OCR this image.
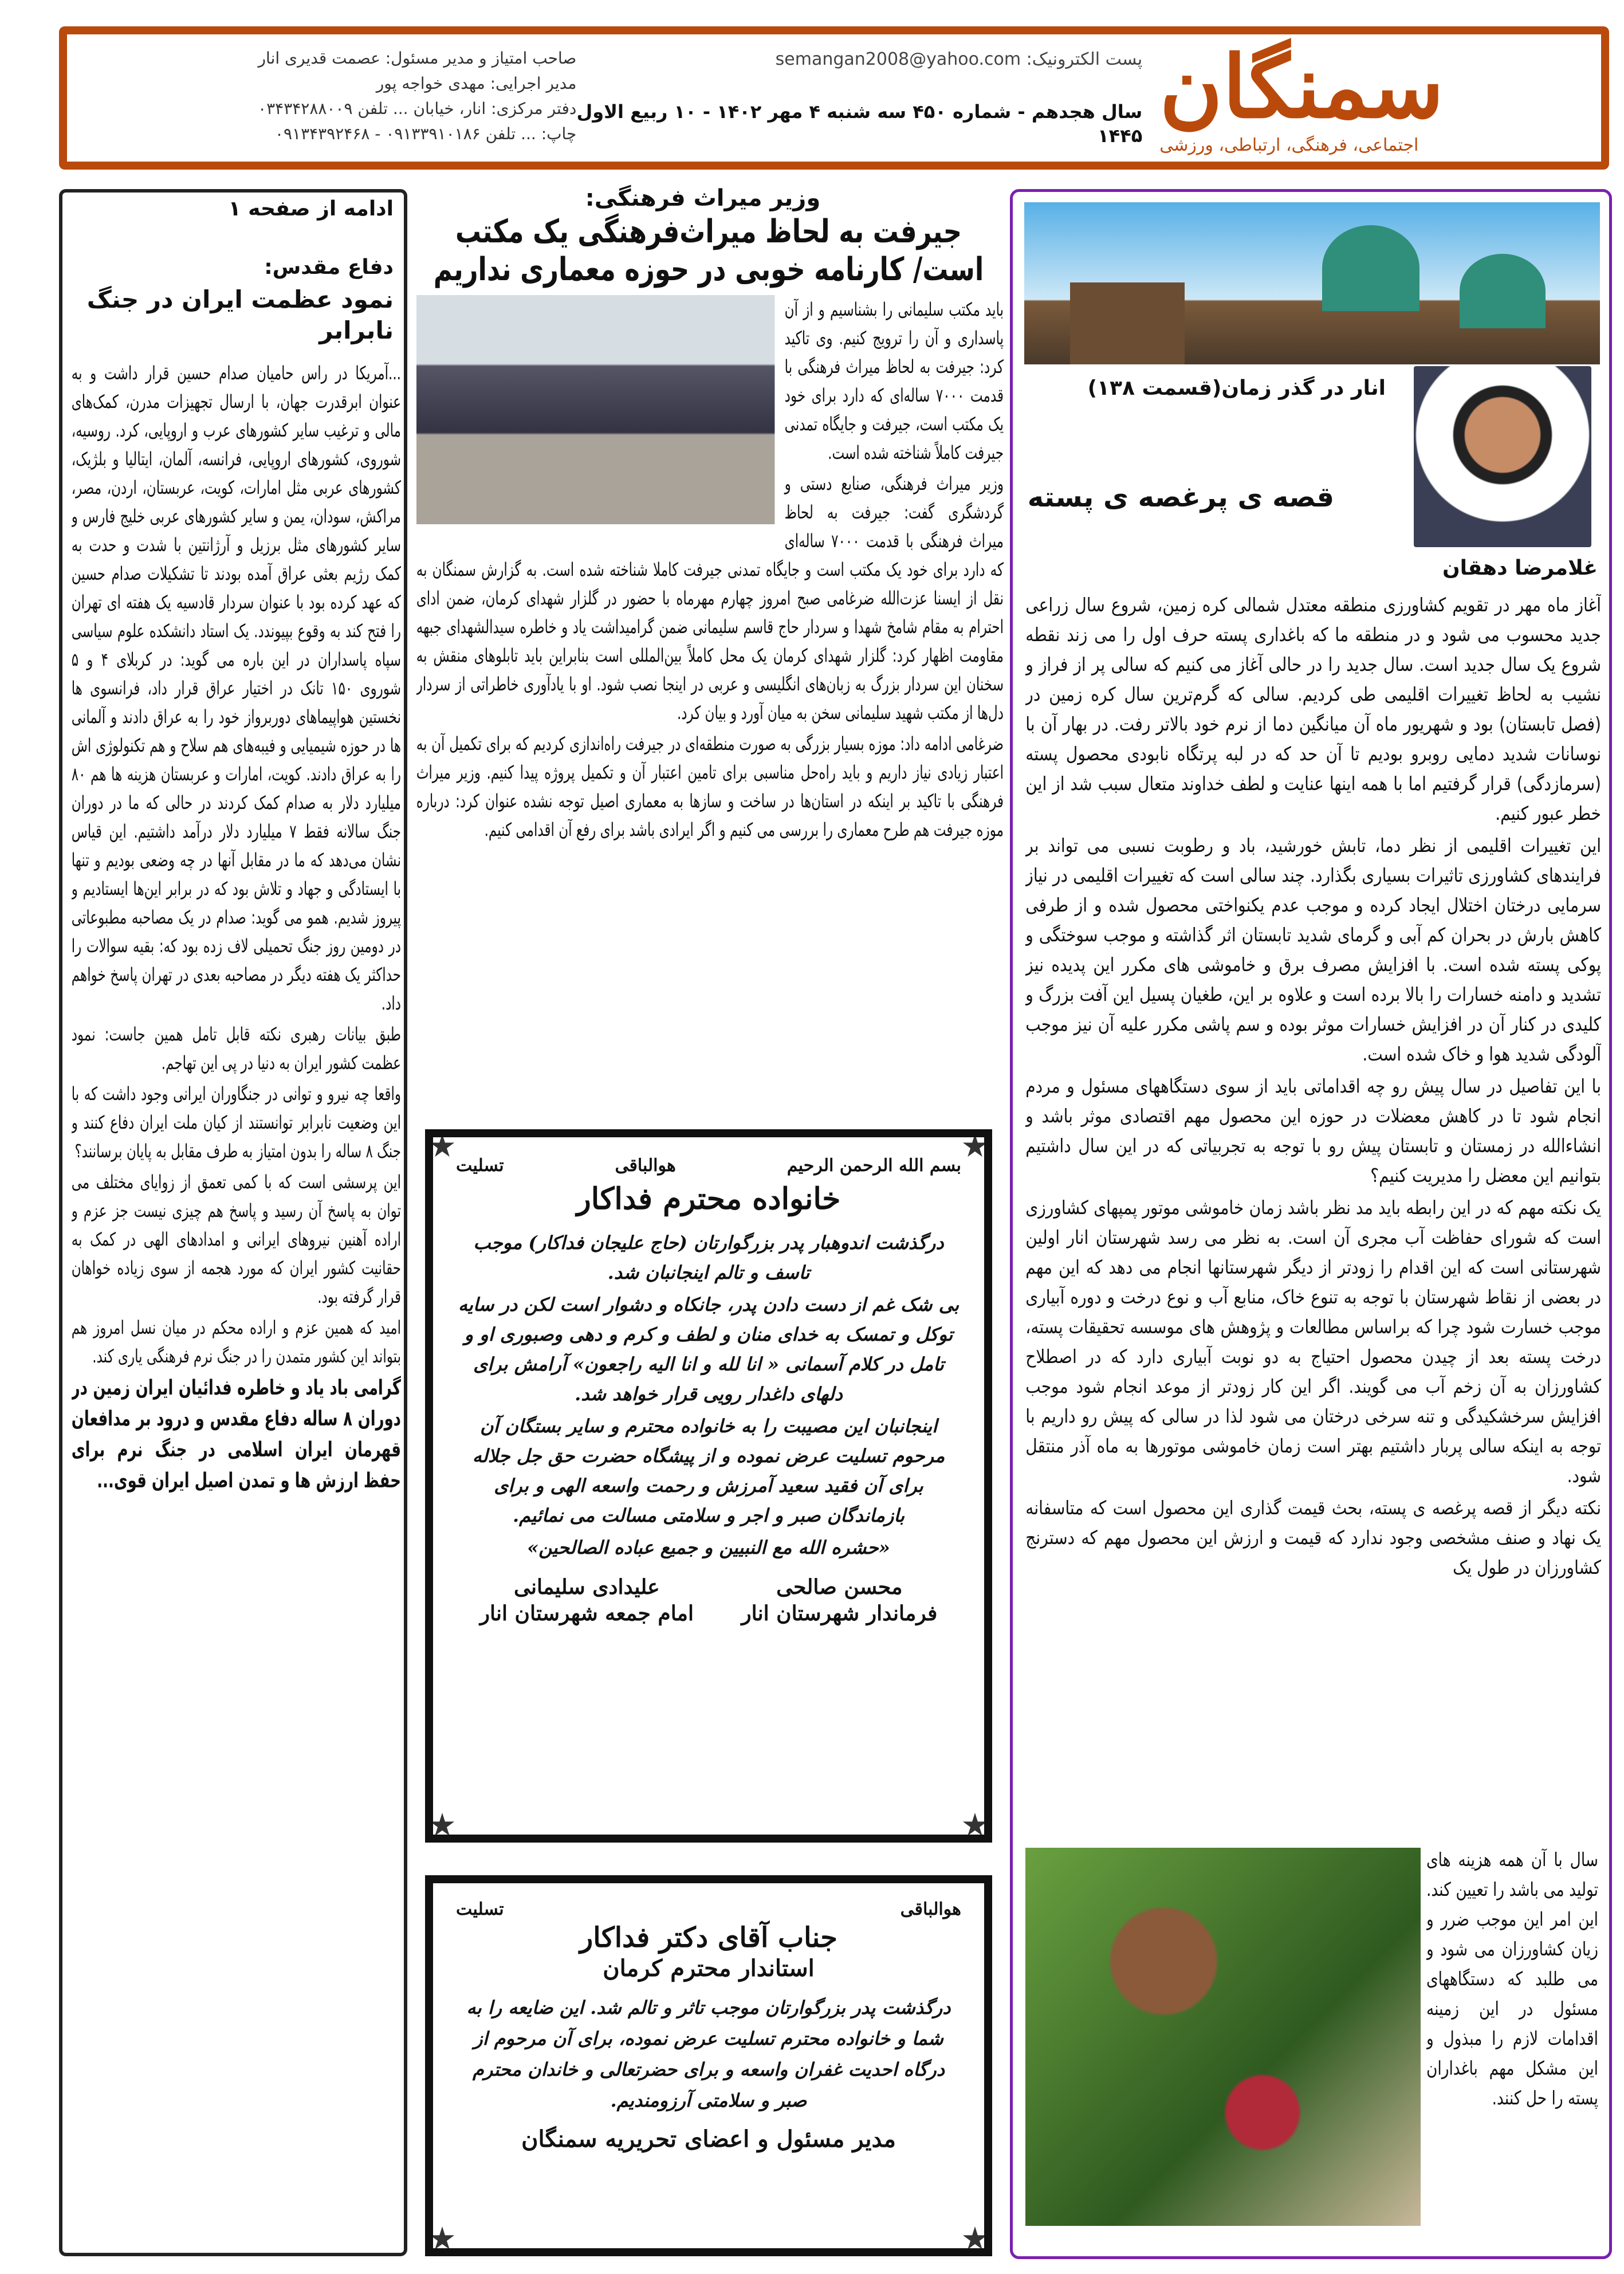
سمنگان
اجتماعی، فرهنگی، ارتباطی، ورزشی
پست الکترونیک: semangan2008@yahoo.com
سال هجدهم - شماره ۴۵۰ سه شنبه ۴ مهر ۱۴۰۲ - ۱۰ ربیع الاول ۱۴۴۵
صاحب امتیاز و مدیر مسئول: عصمت قدیری انار
مدیر اجرایی: مهدی خواجه پور
دفتر مرکزی: انار، خیابان ... تلفن ۰۳۴۳۴۲۸۸۰۰۹
چاپ: ... تلفن ۰۹۱۳۳۹۱۰۱۸۶ - ۰۹۱۳۴۳۹۲۴۶۸
انار در گذر زمان(قسمت ۱۳۸)
قصه ی پرغصه ی پسته
غلامرضا دهقان

آغاز ماه مهر در تقویم کشاورزی منطقه معتدل شمالی کره زمین، شروع سال زراعی جدید محسوب می شود و در منطقه ما که باغداری پسته حرف اول را می زند نقطه شروع یک سال جدید است. سال جدید را در حالی آغاز می کنیم که سالی پر از فراز و نشیب به لحاظ تغییرات اقلیمی طی کردیم. سالی که گرم‌ترین سال کره زمین در (فصل تابستان) بود و شهریور ماه آن میانگین دما از نرم خود بالاتر رفت. در بهار آن با نوسانات شدید دمایی روبرو بودیم تا آن حد که در لبه پرتگاه نابودی محصول پسته (سرمازدگی) قرار گرفتیم اما با همه اینها عنایت و لطف خداوند متعال سبب شد از این خطر عبور کنیم.

این تغییرات اقلیمی از نظر دما، تابش خورشید، باد و رطوبت نسبی می تواند بر فرایندهای کشاورزی تاثیرات بسیاری بگذارد. چند سالی است که تغییرات اقلیمی در نیاز سرمایی درختان اختلال ایجاد کرده و موجب عدم یکنواختی محصول شده و از طرفی کاهش بارش در بحران کم آبی و گرمای شدید تابستان اثر گذاشته و موجب سوختگی و پوکی پسته شده است. با افزایش مصرف برق و خاموشی های مکرر این پدیده نیز تشدید و دامنه خسارات را بالا برده است و علاوه بر این، طغیان پسیل این آفت بزرگ و کلیدی در کنار آن در افزایش خسارات موثر بوده و سم پاشی مکرر علیه آن نیز موجب آلودگی شدید هوا و خاک شده است.

با این تفاصیل در سال پیش رو چه اقداماتی باید از سوی دستگاههای مسئول و مردم انجام شود تا در کاهش معضلات در حوزه این محصول مهم اقتصادی موثر باشد و انشاءالله در زمستان و تابستان پیش رو با توجه به تجربیاتی که در این سال داشتیم بتوانیم این معضل را مدیریت کنیم؟

یک نکته مهم که در این رابطه باید مد نظر باشد زمان خاموشی موتور پمپهای کشاورزی است که شورای حفاظت آب مجری آن است. به نظر می رسد شهرستان انار اولین شهرستانی است که این اقدام را زودتر از دیگر شهرستانها انجام می دهد که این مهم در بعضی از نقاط شهرستان با توجه به تنوع خاک، منابع آب و نوع درخت و دوره آبیاری موجب خسارت شود چرا که براساس مطالعات و پژوهش های موسسه تحقیقات پسته، درخت پسته بعد از چیدن محصول احتیاج به دو نوبت آبیاری دارد که در اصطلاح کشاورزان به آن زخم آب می گویند. اگر این کار زودتر از موعد انجام شود موجب افزایش سرخشکیدگی و تنه سرخی درختان می شود لذا در سالی که پیش رو داریم با توجه به اینکه سالی پربار داشتیم بهتر است زمان خاموشی موتورها به ماه آذر منتقل شود.

نکته دیگر از قصه پرغصه ی پسته، بحث قیمت گذاری این محصول است که متاسفانه یک نهاد و صنف مشخصی وجود ندارد که قیمت و ارزش این محصول مهم که دسترنج کشاورزان در طول یک

سال با آن همه هزینه های تولید می باشد را تعیین کند. این امر این موجب ضرر و زیان کشاورزان می شود و می طلبد که دستگاههای مسئول در این زمینه اقدامات لازم را مبذول و این مشکل مهم باغداران پسته را حل کنند.
وزیر میراث فرهنگی:
جیرفت به لحاظ میراث‌فرهنگی یک مکتب است/ کارنامه خوبی در حوزه معماری نداریم

باید مکتب سلیمانی را بشناسیم و از آن پاسداری و آن را ترویج کنیم. وی تاکید کرد: جیرفت به لحاظ میراث فرهنگی با قدمت ۷۰۰۰ ساله‌ای که دارد برای خود یک مکتب است، جیرفت و جایگاه تمدنی جیرفت کاملاً شناخته شده است.

وزیر میراث فرهنگی، صنایع دستی و گردشگری گفت: جیرفت به لحاظ میراث فرهنگی با قدمت ۷۰۰۰ ساله‌ای که دارد برای خود یک مکتب است و جایگاه تمدنی جیرفت کاملا شناخته شده است. به گزارش سمنگان به نقل از ایسنا عزت‌الله ضرغامی صبح امروز چهارم مهرماه با حضور در گلزار شهدای کرمان، ضمن ادای احترام به مقام شامخ شهدا و سردار حاج قاسم سلیمانی ضمن گرامیداشت یاد و خاطره سیدالشهدای جبهه مقاومت اظهار کرد: گلزار شهدای کرمان یک محل کاملاً بین‌المللی است بنابراین باید تابلوهای منقش به سخنان این سردار بزرگ به زبان‌های انگلیسی و عربی در اینجا نصب شود. او با یادآوری خاطراتی از سردار دل‌ها از مکتب شهید سلیمانی سخن به میان آورد و بیان کرد.

ضرغامی ادامه داد: موزه بسیار بزرگی به صورت منطقه‌ای در جیرفت راه‌اندازی کردیم که برای تکمیل آن به اعتبار زیادی نیاز داریم و باید راه‌حل مناسبی برای تامین اعتبار آن و تکمیل پروژه پیدا کنیم. وزیر میراث فرهنگی با تاکید بر اینکه در استان‌ها در ساخت و سازها به معماری اصیل توجه نشده عنوان کرد: درباره موزه جیرفت هم طرح معماری را بررسی می کنیم و اگر ایرادی باشد برای رفع آن اقدامی کنیم.

بسم الله الرحمن الرحیم
هوالباقی
تسلیت
خانواده محترم فداکار

درگذشت اندوهبار پدر بزرگوارتان (حاج علیجان فداکار) موجب تاسف و تالم اینجانبان شد.

بی شک غم از دست دادن پدر، جانکاه و دشوار است لکن در سایه توکل و تمسک به خدای منان و لطف و کرم و دهی وصبوری او و تامل در کلام آسمانی « انا لله و انا الیه راجعون» آرامش برای دلهای داغدار رویی قرار خواهد شد.

اینجانبان این مصیبت را به خانواده محترم و سایر بستگان آن مرحوم تسلیت عرض نموده و از پیشگاه حضرت حق جل جلاله برای آن فقید سعید آمرزش و رحمت واسعه الهی و برای بازماندگان صبر و اجر و سلامتی مسالت می نمائیم.

«حشره الله مع النبیین و جمیع عباده الصالحین»

محسن صالحی
فرماندار شهرستان انار
علیدادی سلیمانی
امام جمعه شهرستان انار
هوالباقی
تسلیت
جناب آقای دکتر فداکار
استاندار محترم کرمان
درگذشت پدر بزرگوارتان موجب تاثر و تالم شد. این ضایعه را به شما و خانواده محترم تسلیت عرض نموده، برای آن مرحوم از درگاه احدیت غفران واسعه و برای حضرتعالی و خاندان محترم صبر و سلامتی آرزومندیم.
مدیر مسئول و اعضای تحریریه سمنگان
ادامه از صفحه ۱
دفاع مقدس:
نمود عظمت ایران در جنگ نابرابر

...آمریکا در راس حامیان صدام حسین قرار داشت و به عنوان ابرقدرت جهان، با ارسال تجهیزات مدرن، کمک‌های مالی و ترغیب سایر کشورهای عرب و اروپایی، کرد. روسیه، شوروی، کشورهای اروپایی، فرانسه، آلمان، ایتالیا و بلژیک، کشورهای عربی مثل امارات، کویت، عربستان، اردن، مصر، مراکش، سودان، یمن و سایر کشورهای عربی خلیج فارس و سایر کشورهای مثل برزیل و آرژانتین با شدت و حدت به کمک رژیم بعثی عراق آمده بودند تا تشکیلات صدام حسین که عهد کرده بود با عنوان سردار قادسیه یک هفته ای تهران را فتح کند به وقوع بپیوندد. یک استاد دانشکده علوم سیاسی سپاه پاسداران در این باره می گوید: در کربلای ۴ و ۵ شوروی ۱۵۰ تانک در اختیار عراق قرار داد، فرانسوی ها نخستین هواپیماهای دوربرواز خود را به عراق دادند و آلمانی ها در حوزه شیمیایی و فیبه‌های هم سلاح و هم تکنولوژی اش را به عراق دادند. کویت، امارات و عربستان هزینه ها هم ۸۰ میلیارد دلار به صدام کمک کردند در حالی که ما در دوران جنگ سالانه فقط ۷ میلیارد دلار درآمد داشتیم. این قیاس نشان می‌دهد که ما در مقابل آنها در چه وضعی بودیم و تنها با ایستادگی و جهاد و تلاش بود که در برابر این‌ها ایستادیم و پیروز شدیم. همو می گوید: صدام در یک مصاحبه مطبوعاتی در دومین روز جنگ تحمیلی لاف زده بود که: بقیه سوالات را حداکثر یک هفته دیگر در مصاحبه بعدی در تهران پاسخ خواهم داد.

طبق بیانات رهبری نکته قابل تامل همین جاست: نمود عظمت کشور ایران به دنیا در پی این تهاجم.

واقعا چه نیرو و توانی در جنگاوران ایرانی وجود داشت که با این وضعیت نابرابر توانستند از کیان ملت ایران دفاع کنند و جنگ ۸ ساله را بدون امتیاز به طرف مقابل به پایان برسانند؟

این پرسشی است که با کمی تعمق از زوایای مختلف می توان به پاسخ آن رسید و پاسخ هم چیزی نیست جز عزم و اراده آهنین نیروهای ایرانی و امدادهای الهی در کمک به حقانیت کشور ایران که مورد هجمه از سوی زیاده خواهان قرار گرفته بود.

امید که همین عزم و اراده محکم در میان نسل امروز هم بتواند این کشور متمدن را در جنگ نرم فرهنگی یاری کند.

گرامی باد یاد و خاطره فدائیان ایران زمین در دوران ۸ ساله دفاع مقدس و درود بر مدافعان قهرمان ایران اسلامی در جنگ نرم برای حفظ ارزش ها و تمدن اصیل ایران قوی...
